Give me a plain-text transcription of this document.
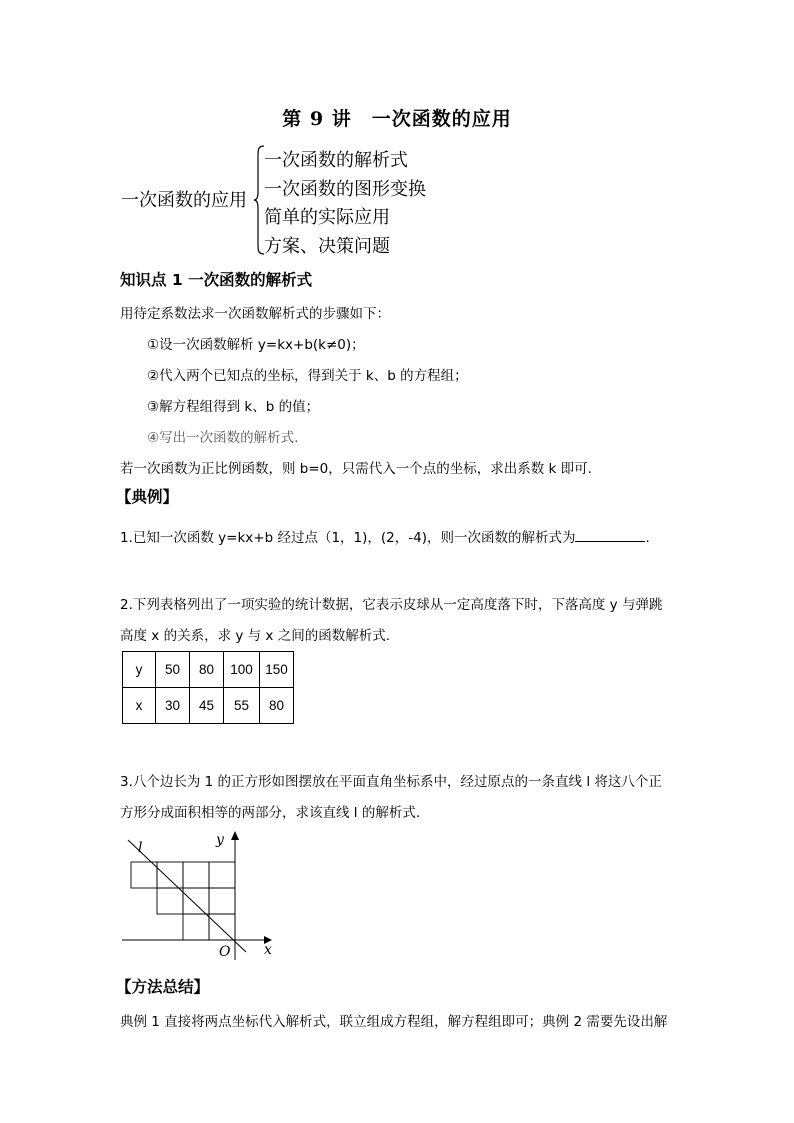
第 9 讲　一次函数的应用
一次函数的应用
一次函数的解析式
一次函数的图形变换
简单的实际应用
方案、决策问题
知识点 1 一次函数的解析式
用待定系数法求一次函数解析式的步骤如下：
①设一次函数解析 y=kx+b(k≠0)；
②代入两个已知点的坐标，得到关于 k、b 的方程组；
③解方程组得到 k、b 的值；
④写出一次函数的解析式.
若一次函数为正比例函数，则 b=0，只需代入一个点的坐标，求出系数 k 即可.
【典例】
1.已知一次函数 y=kx+b 经过点（1，1)，(2，-4)，则一次函数的解析式为	.
2.下列表格列出了一项实验的统计数据，它表示皮球从一定高度落下时，下落高度 y 与弹跳
高度 x 的关系，求 y 与 x 之间的函数解析式.
y	50	80	100	150
x	30	45	55	80
3.八个边长为 1 的正方形如图摆放在平面直角坐标系中，经过原点的一条直线 l 将这八个正
方形分成面积相等的两部分，求该直线 l 的解析式.
l	y
x
O
【方法总结】
典例 1 直接将两点坐标代入解析式，联立组成方程组，解方程组即可；典例 2 需要先设出解
